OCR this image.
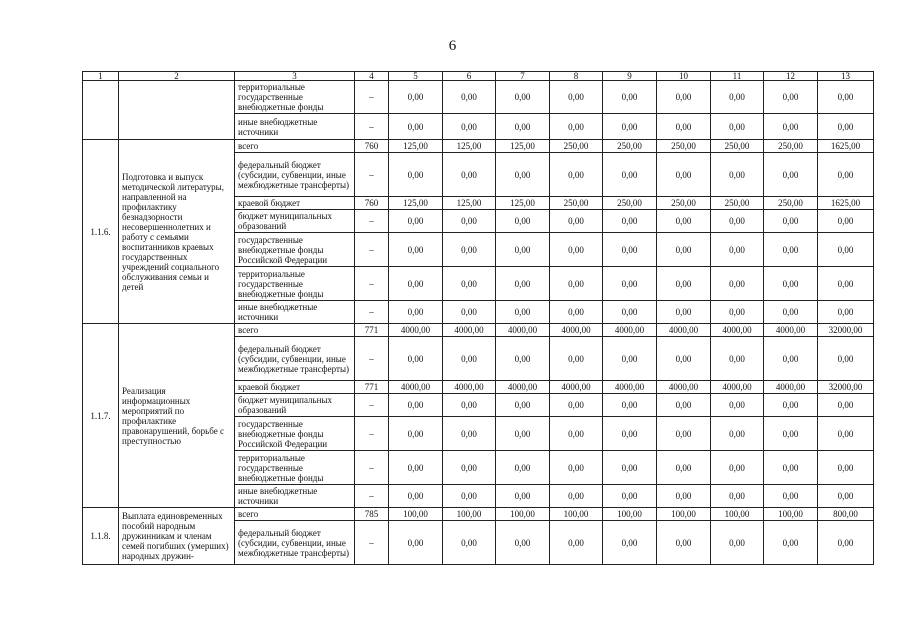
6
1	2	3	4	5	6	7	8	9	10	11	12	13
		территориальные государственные внебюджетные фонды	–	0,00	0,00	0,00	0,00	0,00	0,00	0,00	0,00	0,00
		иные внебюджетные источники	–	0,00	0,00	0,00	0,00	0,00	0,00	0,00	0,00	0,00
1.1.6.	Подготовка и выпуск методической литературы, направленной на профилактику безнадзорности несовершеннолетних и работу с семьями воспитанников краевых государственных учреждений социального обслуживания семьи и детей	всего	760	125,00	125,00	125,00	250,00	250,00	250,00	250,00	250,00	1625,00
		федеральный бюджет (субсидии, субвенции, иные межбюджетные трансферты)	–	0,00	0,00	0,00	0,00	0,00	0,00	0,00	0,00	0,00
		краевой бюджет	760	125,00	125,00	125,00	250,00	250,00	250,00	250,00	250,00	1625,00
		бюджет муниципальных образований	–	0,00	0,00	0,00	0,00	0,00	0,00	0,00	0,00	0,00
		государственные внебюджетные фонды Российской Федерации	–	0,00	0,00	0,00	0,00	0,00	0,00	0,00	0,00	0,00
		территориальные государственные внебюджетные фонды	–	0,00	0,00	0,00	0,00	0,00	0,00	0,00	0,00	0,00
		иные внебюджетные источники	–	0,00	0,00	0,00	0,00	0,00	0,00	0,00	0,00	0,00
1.1.7.	Реализация информационных мероприятий по профилактике правонарушений, борьбе с преступностью	всего	771	4000,00	4000,00	4000,00	4000,00	4000,00	4000,00	4000,00	4000,00	32000,00
		федеральный бюджет (субсидии, субвенции, иные межбюджетные трансферты)	–	0,00	0,00	0,00	0,00	0,00	0,00	0,00	0,00	0,00
		краевой бюджет	771	4000,00	4000,00	4000,00	4000,00	4000,00	4000,00	4000,00	4000,00	32000,00
		бюджет муниципальных образований	–	0,00	0,00	0,00	0,00	0,00	0,00	0,00	0,00	0,00
		государственные внебюджетные фонды Российской Федерации	–	0,00	0,00	0,00	0,00	0,00	0,00	0,00	0,00	0,00
		территориальные государственные внебюджетные фонды	–	0,00	0,00	0,00	0,00	0,00	0,00	0,00	0,00	0,00
		иные внебюджетные источники	–	0,00	0,00	0,00	0,00	0,00	0,00	0,00	0,00	0,00
1.1.8.	Выплата единовременных пособий народным дружинникам и членам семей погибших (умерших) народных дружин-	всего	785	100,00	100,00	100,00	100,00	100,00	100,00	100,00	100,00	800,00
		федеральный бюджет (субсидии, субвенции, иные межбюджетные трансферты)	–	0,00	0,00	0,00	0,00	0,00	0,00	0,00	0,00	0,00
